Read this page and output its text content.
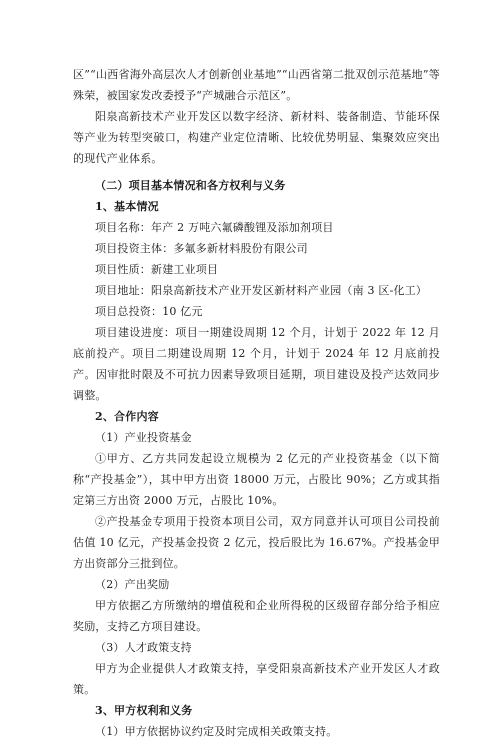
区”“山西省海外高层次人才创新创业基地”“山西省第二批双创示范基地”等殊荣，被国家发改委授予“产城融合示范区”。

阳泉高新技术产业开发区以数字经济、新材料、装备制造、节能环保等产业为转型突破口，构建产业定位清晰、比较优势明显、集聚效应突出的现代产业体系。

（二）项目基本情况和各方权利与义务

1、基本情况

项目名称：年产 2 万吨六氟磷酸锂及添加剂项目

项目投资主体：多氟多新材料股份有限公司

项目性质：新建工业项目

项目地址：阳泉高新技术产业开发区新材料产业园（南 3 区-化工）

项目总投资：10 亿元

项目建设进度：项目一期建设周期 12 个月，计划于 2022 年 12 月底前投产。项目二期建设周期 12 个月，计划于 2024 年 12 月底前投产。因审批时限及不可抗力因素导致项目延期，项目建设及投产达效同步调整。

2、合作内容

（1）产业投资基金

①甲方、乙方共同发起设立规模为 2 亿元的产业投资基金（以下简称“产投基金”），其中甲方出资 18000 万元，占股比 90%；乙方或其指定第三方出资 2000 万元，占股比 10%。

②产投基金专项用于投资本项目公司，双方同意并认可项目公司投前估值 10 亿元，产投基金投资 2 亿元，投后股比为 16.67%。产投基金甲方出资部分三批到位。

（2）产出奖励

甲方依据乙方所缴纳的增值税和企业所得税的区级留存部分给予相应奖励，支持乙方项目建设。

（3）人才政策支持

甲方为企业提供人才政策支持，享受阳泉高新技术产业开发区人才政策。

3、甲方权利和义务

（1）甲方依据协议约定及时完成相关政策支持。
